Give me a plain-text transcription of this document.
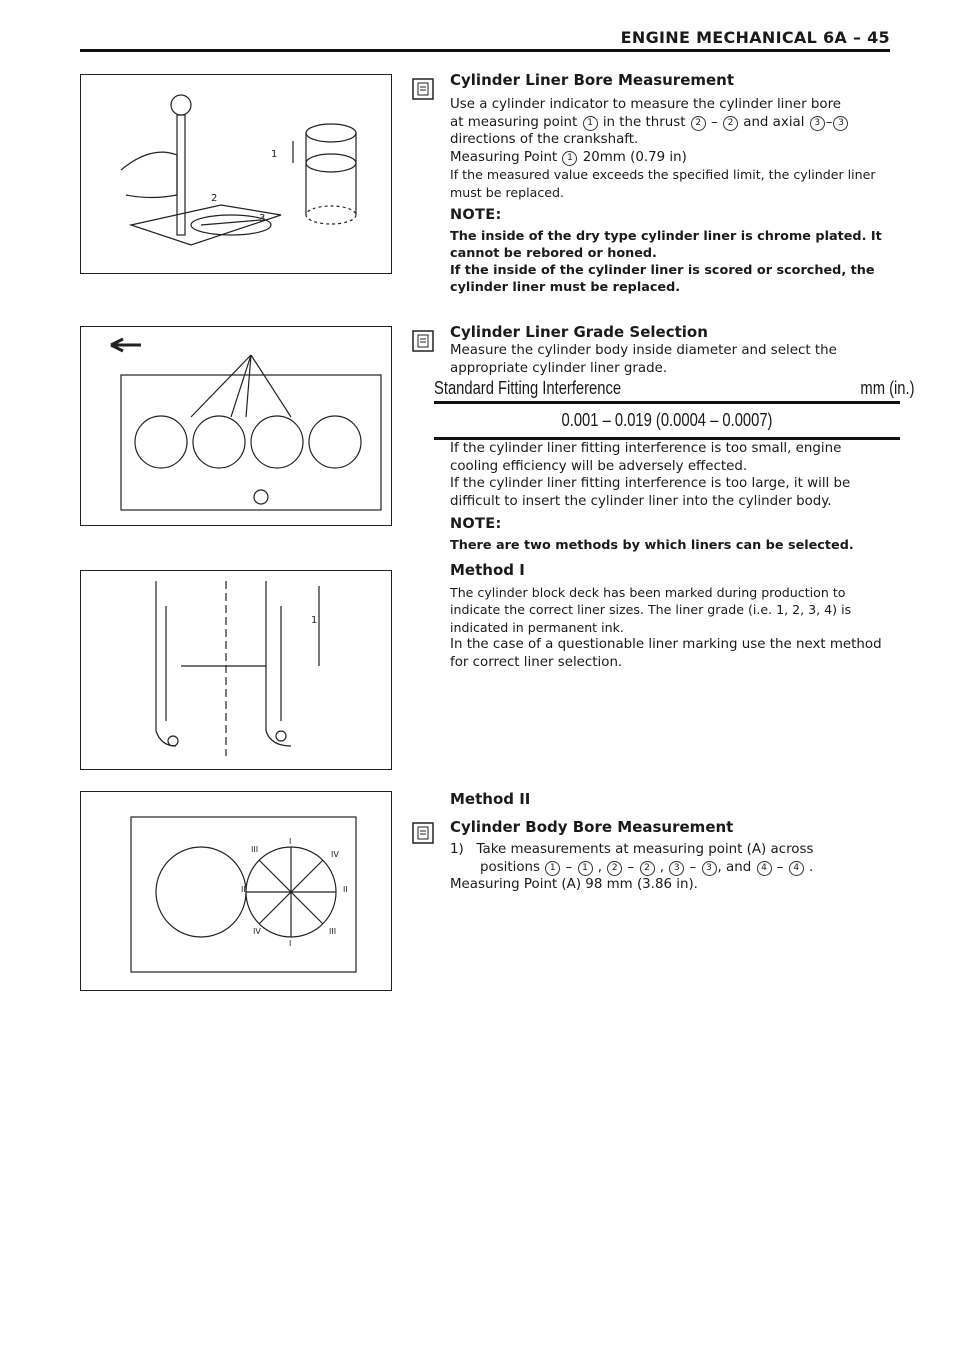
ENGINE MECHANICAL 6A – 45
1
2
3
Cylinder Liner Bore Measurement

Use a cylinder indicator to measure the cylinder liner bore

at measuring point 1 in the thrust 2 – 2 and axial 3 – 3

directions of the crankshaft.

Measuring Point 1 20mm (0.79 in)

If the measured value exceeds the specified limit, the cylinder liner must be replaced.

NOTE:

The inside of the dry type cylinder liner is chrome plated. It cannot be rebored or honed.

If the inside of the cylinder liner is scored or scorched, the cylinder liner must be replaced.

Cylinder Liner Grade Selection

Measure the cylinder body inside diameter and select the appropriate cylinder liner grade.

Standard Fitting Interference	mm (in.)
0.001 – 0.019 (0.0004 – 0.0007)

If the cylinder liner fitting interference is too small, engine cooling efficiency will be adversely effected.

If the cylinder liner fitting interference is too large, it will be difficult to insert the cylinder liner into the cylinder body.

NOTE:

There are two methods by which liners can be selected.

Method I

The cylinder block deck has been marked during production to indicate the correct liner sizes. The liner grade (i.e. 1, 2, 3, 4) is indicated in permanent ink.

In the case of a questionable liner marking use the next method for correct liner selection.

1
Method II
III
IV
II	II
IV
I
I
III
Cylinder Body Bore Measurement

1) Take measurements at measuring point (A) across

positions 1 – 1 , 2 – 2 , 3 – 3 , and 4 – 4 .

Measuring Point (A) 98 mm (3.86 in).
